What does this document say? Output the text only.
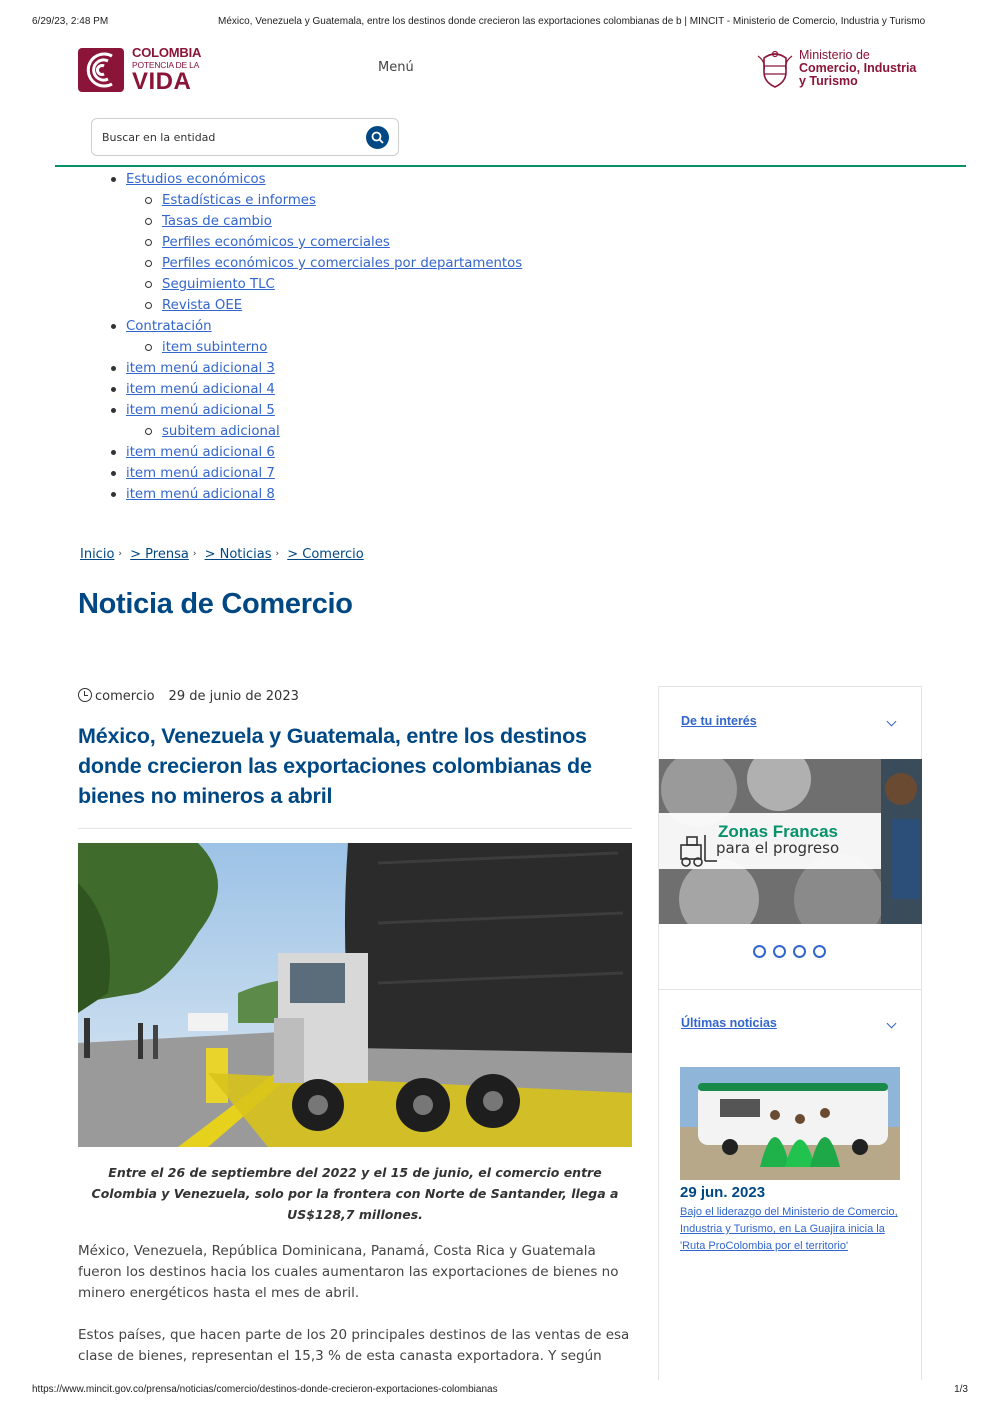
6/29/23, 2:48 PM	México, Venezuela y Guatemala, entre los destinos donde crecieron las exportaciones colombianas de b | MINCIT - Ministerio de Comercio, Industria y Turismo
COLOMBIA
POTENCIA DE LA
VIDA
Menú
Ministerio de
Comercio, Industria
y Turismo
Buscar en la entidad
Estudios económicos
Estadísticas e informes
Tasas de cambio
Perfiles económicos y comerciales
Perfiles económicos y comerciales por departamentos
Seguimiento TLC
Revista OEE
Contratación
item subinterno
item menú adicional 3
item menú adicional 4
item menú adicional 5
subitem adicional
item menú adicional 6
item menú adicional 7
item menú adicional 8
Inicio › > Prensa › > Noticias › > Comercio
Noticia de Comercio
comercio 29 de junio de 2023
México, Venezuela y Guatemala, entre los destinos donde crecieron las exportaciones colombianas de bienes no mineros a abril

Entre el 26 de septiembre del 2022 y el 15 de junio, el comercio entre Colombia y Venezuela, solo por la frontera con Norte de Santander, llega a US$128,7 millones.

México, Venezuela, República Dominicana, Panamá, Costa Rica y Guatemala fueron los destinos hacia los cuales aumentaron las exportaciones de bienes no minero energéticos hasta el mes de abril.

Estos países, que hacen parte de los 20 principales destinos de las ventas de esa clase de bienes, representan el 15,3 % de esta canasta exportadora. Y según

De tu interés
Zonas Francas
para el progreso
Últimas noticias
29 jun. 2023
Bajo el liderazgo del Ministerio de Comercio, Industria y Turismo, en La Guajira inicia la 'Ruta ProColombia por el territorio'
https://www.mincit.gov.co/prensa/noticias/comercio/destinos-donde-crecieron-exportaciones-colombianas	1/3
